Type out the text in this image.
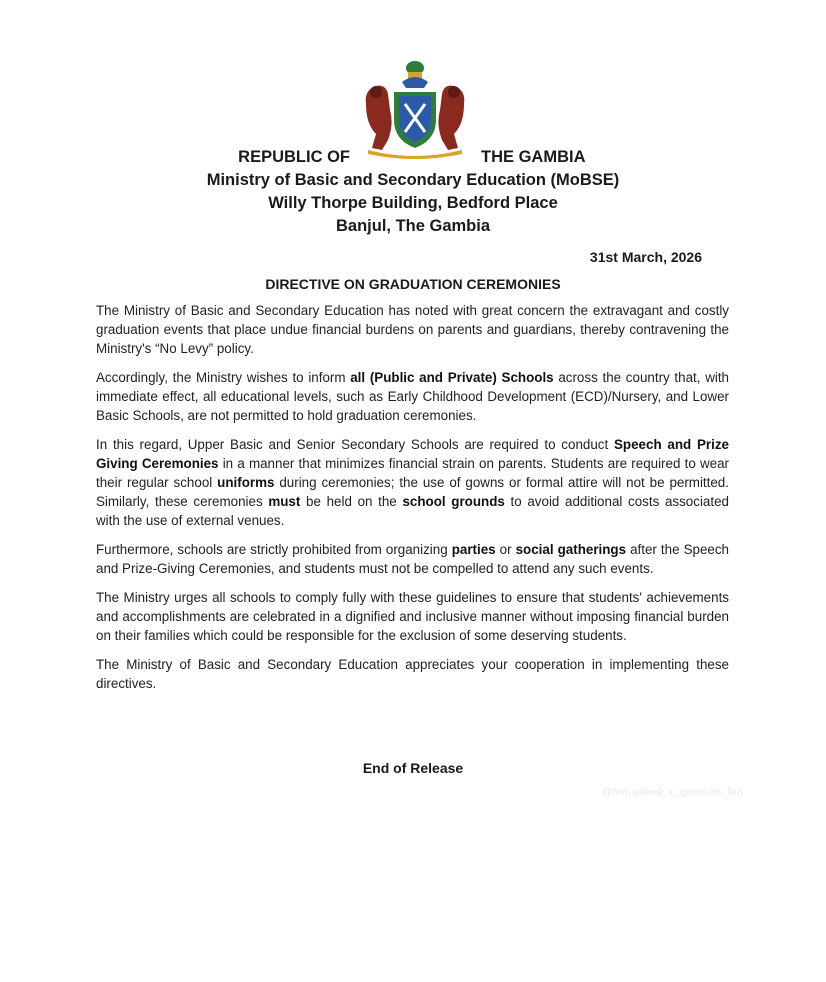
REPUBLIC OF	THE GAMBIA
Ministry of Basic and Secondary Education (MoBSE)
Willy Thorpe Building, Bedford Place
Banjul, The Gambia
31st March, 2026
DIRECTIVE ON GRADUATION CEREMONIES

The Ministry of Basic and Secondary Education has noted with great concern the extravagant and costly graduation events that place undue financial burdens on parents and guardians, thereby contravening the Ministry's “No Levy” policy.

Accordingly, the Ministry wishes to inform all (Public and Private) Schools across the country that, with immediate effect, all educational levels, such as Early Childhood Development (ECD)/Nursery, and Lower Basic Schools, are not permitted to hold graduation ceremonies.

In this regard, Upper Basic and Senior Secondary Schools are required to conduct Speech and Prize Giving Ceremonies in a manner that minimizes financial strain on parents. Students are required to wear their regular school uniforms during ceremonies; the use of gowns or formal attire will not be permitted. Similarly, these ceremonies must be held on the school grounds to avoid additional costs associated with the use of external venues.

Furthermore, schools are strictly prohibited from organizing parties or social gatherings after the Speech and Prize-Giving Ceremonies, and students must not be compelled to attend any such events.

The Ministry urges all schools to comply fully with these guidelines to ensure that students' achievements and accomplishments are celebrated in a dignified and inclusive manner without imposing financial burden on their families which could be responsible for the exclusion of some deserving students.

The Ministry of Basic and Secondary Education appreciates your cooperation in implementing these directives.

End of Release
@fon_proud_x_gambian_fon
